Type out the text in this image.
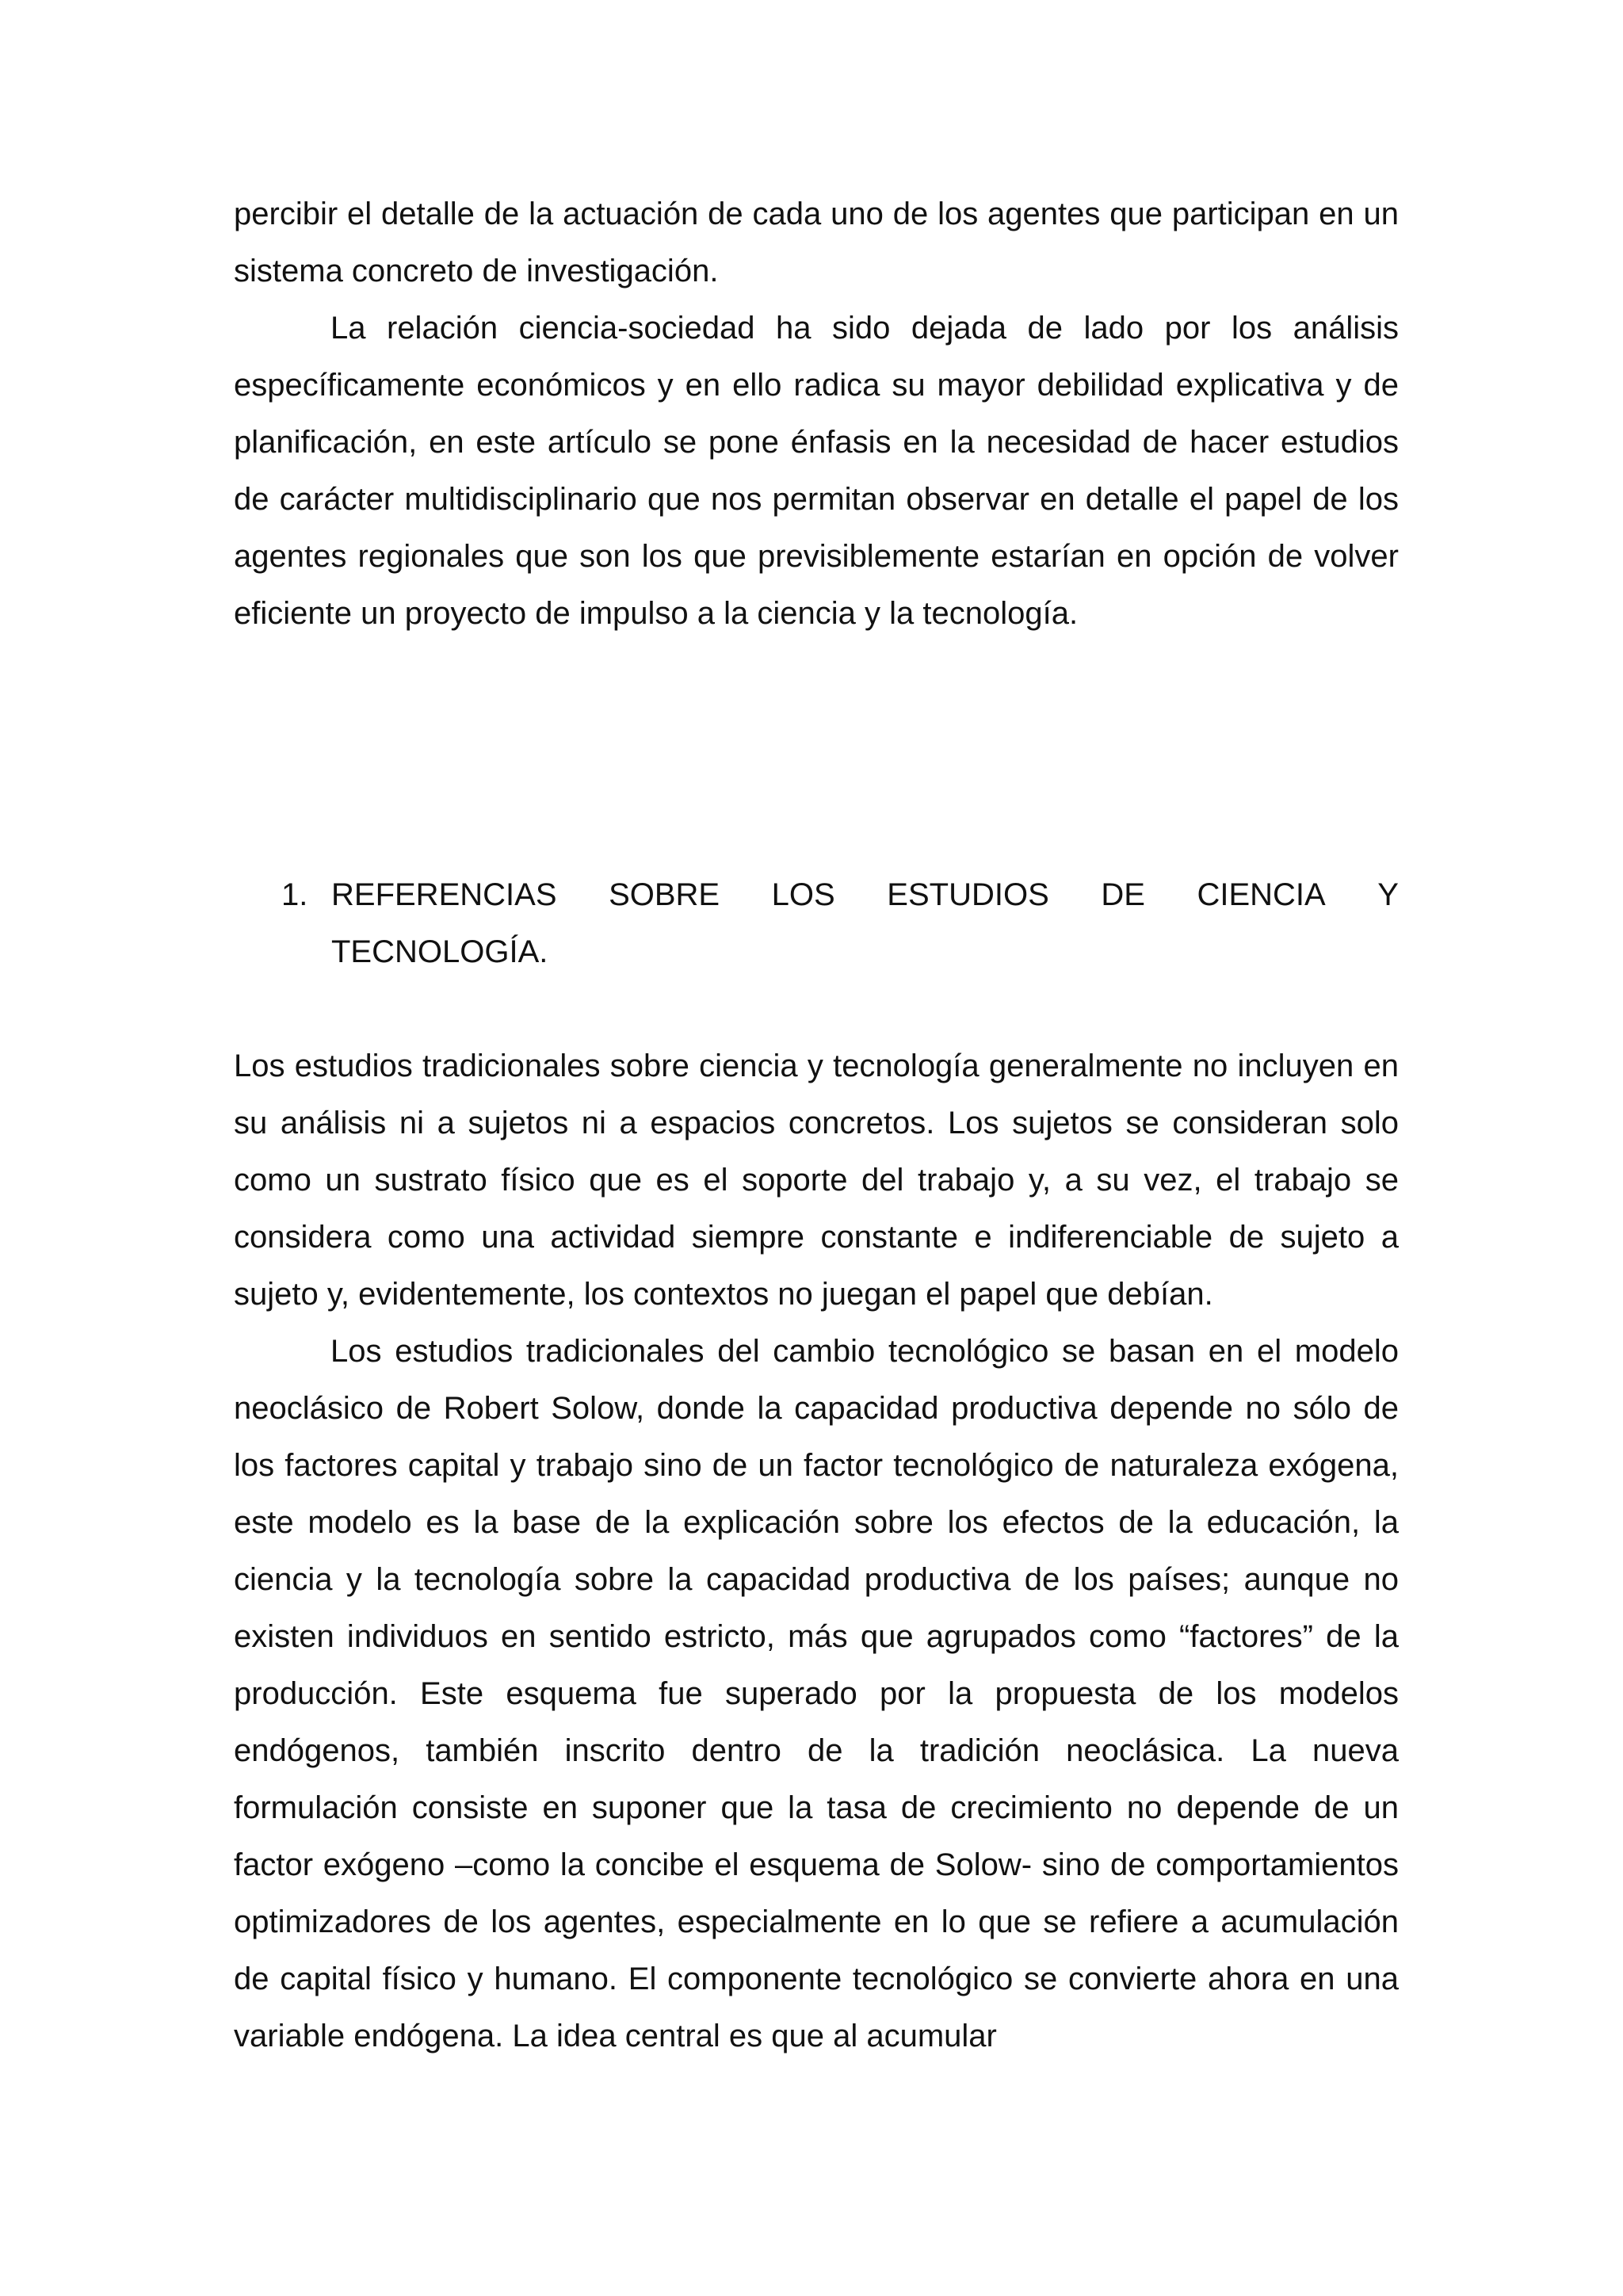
percibir el detalle de la actuación de cada uno de los agentes que participan en un sistema concreto de investigación.

La relación ciencia-sociedad ha sido dejada de lado por los análisis específicamente económicos y en ello radica su mayor debilidad explicativa y de planificación, en este artículo se pone énfasis en la necesidad de hacer estudios de carácter multidisciplinario que nos permitan observar en detalle el papel de los agentes regionales que son los que previsiblemente estarían en opción de volver eficiente un proyecto de impulso a la ciencia y la tecnología.

1. REFERENCIAS SOBRE LOS ESTUDIOS DE CIENCIA Y
TECNOLOGÍA.

Los estudios tradicionales sobre ciencia y tecnología generalmente no incluyen en su análisis ni a sujetos ni a espacios concretos. Los sujetos se consideran solo como un sustrato físico que es el soporte del trabajo y, a su vez, el trabajo se considera como una actividad siempre constante e indiferenciable de sujeto a sujeto y, evidentemente, los contextos no juegan el papel que debían.

Los estudios tradicionales del cambio tecnológico se basan en el modelo neoclásico de Robert Solow, donde la capacidad productiva depende no sólo de los factores capital y trabajo sino de un factor tecnológico de naturaleza exógena, este modelo es la base de la explicación sobre los efectos de la educación, la ciencia y la tecnología sobre la capacidad productiva de los países; aunque no existen individuos en sentido estricto, más que agrupados como “factores” de la producción. Este esquema fue superado por la propuesta de los modelos endógenos, también inscrito dentro de la tradición neoclásica. La nueva formulación consiste en suponer que la tasa de crecimiento no depende de un factor exógeno –como la concibe el esquema de Solow- sino de comportamientos optimizadores de los agentes, especialmente en lo que se refiere a acumulación de capital físico y humano. El componente tecnológico se convierte ahora en una variable endógena. La idea central es que al acumular
